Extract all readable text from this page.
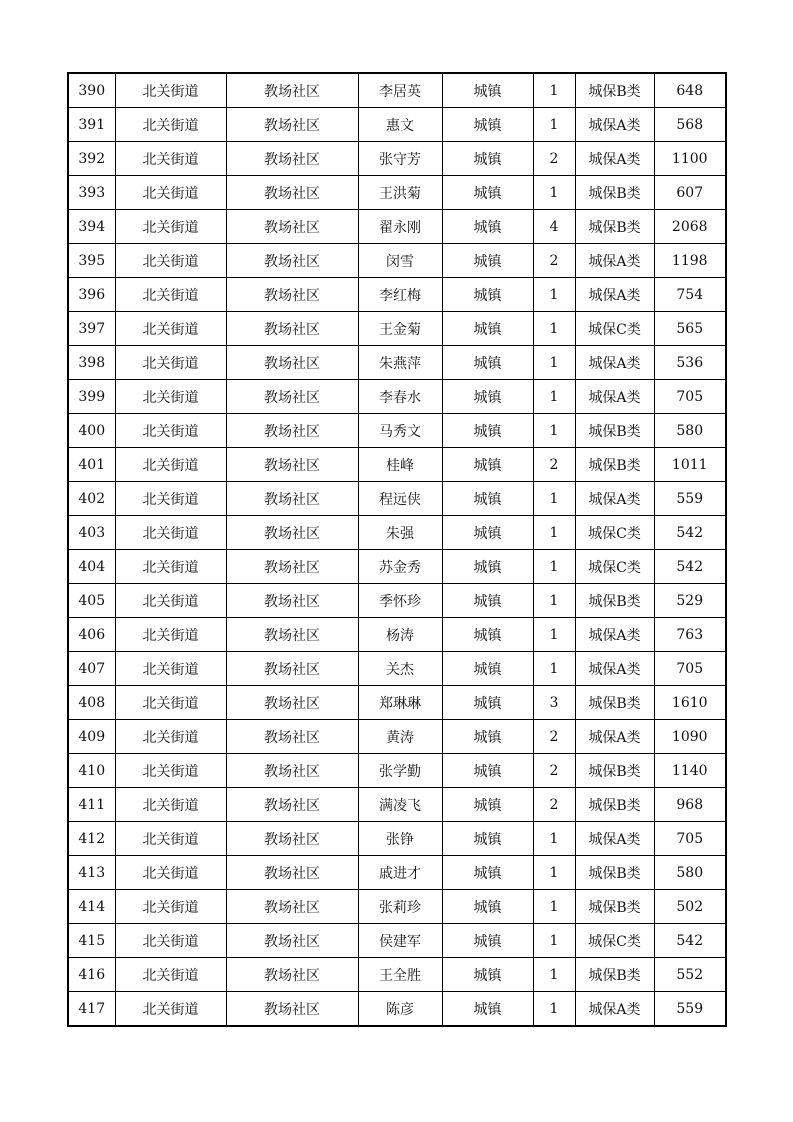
390	北关街道	教场社区	李居英	城镇	1	城保B类	648
391	北关街道	教场社区	惠文	城镇	1	城保A类	568
392	北关街道	教场社区	张守芳	城镇	2	城保A类	1100
393	北关街道	教场社区	王洪菊	城镇	1	城保B类	607
394	北关街道	教场社区	翟永刚	城镇	4	城保B类	2068
395	北关街道	教场社区	闵雪	城镇	2	城保A类	1198
396	北关街道	教场社区	李红梅	城镇	1	城保A类	754
397	北关街道	教场社区	王金菊	城镇	1	城保C类	565
398	北关街道	教场社区	朱燕萍	城镇	1	城保A类	536
399	北关街道	教场社区	李春水	城镇	1	城保A类	705
400	北关街道	教场社区	马秀文	城镇	1	城保B类	580
401	北关街道	教场社区	桂峰	城镇	2	城保B类	1011
402	北关街道	教场社区	程远侠	城镇	1	城保A类	559
403	北关街道	教场社区	朱强	城镇	1	城保C类	542
404	北关街道	教场社区	苏金秀	城镇	1	城保C类	542
405	北关街道	教场社区	季怀珍	城镇	1	城保B类	529
406	北关街道	教场社区	杨涛	城镇	1	城保A类	763
407	北关街道	教场社区	关杰	城镇	1	城保A类	705
408	北关街道	教场社区	郑琳琳	城镇	3	城保B类	1610
409	北关街道	教场社区	黄涛	城镇	2	城保A类	1090
410	北关街道	教场社区	张学勤	城镇	2	城保B类	1140
411	北关街道	教场社区	满凌飞	城镇	2	城保B类	968
412	北关街道	教场社区	张铮	城镇	1	城保A类	705
413	北关街道	教场社区	戚进才	城镇	1	城保B类	580
414	北关街道	教场社区	张莉珍	城镇	1	城保B类	502
415	北关街道	教场社区	侯建军	城镇	1	城保C类	542
416	北关街道	教场社区	王全胜	城镇	1	城保B类	552
417	北关街道	教场社区	陈彦	城镇	1	城保A类	559
